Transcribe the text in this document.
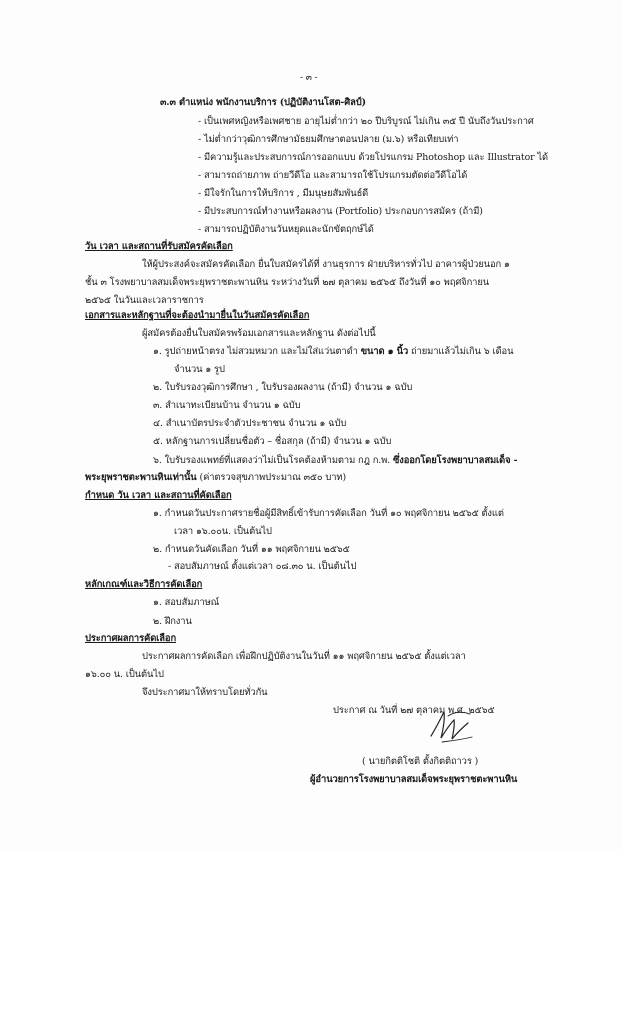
- ๓ -
๓.๓ ตำแหน่ง พนักงานบริการ (ปฏิบัติงานโสต-ศิลป์)
- เป็นเพศหญิงหรือเพศชาย อายุไม่ต่ำกว่า ๒๐ ปีบริบูรณ์ ไม่เกิน ๓๕ ปี นับถึงวันประกาศ
- ไม่ต่ำกว่าวุฒิการศึกษามัธยมศึกษาตอนปลาย (ม.๖) หรือเทียบเท่า
- มีความรู้และประสบการณ์การออกแบบ ด้วยโปรแกรม Photoshop และ Illustrator ได้
- สามารถถ่ายภาพ ถ่ายวีดีโอ และสามารถใช้โปรแกรมตัดต่อวีดีโอได้
- มีใจรักในการให้บริการ , มีมนุษยสัมพันธ์ดี
- มีประสบการณ์ทำงานหรือผลงาน (Portfolio) ประกอบการสมัคร (ถ้ามี)
- สามารถปฏิบัติงานวันหยุดและนักขัตฤกษ์ได้
วัน เวลา และสถานที่รับสมัครคัดเลือก
ให้ผู้ประสงค์จะสมัครคัดเลือก ยื่นใบสมัครได้ที่ งานธุรการ ฝ่ายบริหารทั่วไป อาคารผู้ป่วยนอก ๑
ชั้น ๓ โรงพยาบาลสมเด็จพระยุพราชตะพานหิน ระหว่างวันที่ ๒๗ ตุลาคม ๒๕๖๕ ถึงวันที่ ๑๐ พฤศจิกายน
๒๕๖๕ ในวันและเวลาราชการ
เอกสารและหลักฐานที่จะต้องนำมายื่นในวันสมัครคัดเลือก
ผู้สมัครต้องยื่นใบสมัครพร้อมเอกสารและหลักฐาน ดังต่อไปนี้
๑. รูปถ่ายหน้าตรง ไม่สวมหมวก และไม่ใส่แว่นตาดำ ขนาด ๑ นิ้ว ถ่ายมาแล้วไม่เกิน ๖ เดือน
จำนวน ๑ รูป
๒. ใบรับรองวุฒิการศึกษา , ใบรับรองผลงาน (ถ้ามี) จำนวน ๑ ฉบับ
๓. สำเนาทะเบียนบ้าน จำนวน ๑ ฉบับ
๔. สำเนาบัตรประจำตัวประชาชน จำนวน ๑ ฉบับ
๕. หลักฐานการเปลี่ยนชื่อตัว – ชื่อสกุล (ถ้ามี) จำนวน ๑ ฉบับ
๖. ใบรับรองแพทย์ที่แสดงว่าไม่เป็นโรคต้องห้ามตาม กฎ ก.พ. ซึ่งออกโดยโรงพยาบาลสมเด็จ -
พระยุพราชตะพานหินเท่านั้น (ค่าตรวจสุขภาพประมาณ ๓๕๐ บาท)
กำหนด วัน เวลา และสถานที่คัดเลือก
๑. กำหนดวันประกาศรายชื่อผู้มีสิทธิ์เข้ารับการคัดเลือก วันที่ ๑๐ พฤศจิกายน ๒๕๖๕ ตั้งแต่
เวลา ๑๖.๐๐น. เป็นต้นไป
๒. กำหนดวันคัดเลือก วันที่ ๑๑ พฤศจิกายน ๒๕๖๕
- สอบสัมภาษณ์ ตั้งแต่เวลา ๐๘.๓๐ น. เป็นต้นไป
หลักเกณฑ์และวิธีการคัดเลือก
๑. สอบสัมภาษณ์
๒. ฝึกงาน
ประกาศผลการคัดเลือก
ประกาศผลการคัดเลือก เพื่อฝึกปฏิบัติงานในวันที่ ๑๑ พฤศจิกายน ๒๕๖๕ ตั้งแต่เวลา
๑๖.๐๐ น. เป็นต้นไป
จึงประกาศมาให้ทราบโดยทั่วกัน
ประกาศ ณ วันที่ ๒๗ ตุลาคม พ.ศ. ๒๕๖๕
( นายกิตติโชติ ตั้งกิตติถาวร )
ผู้อำนวยการโรงพยาบาลสมเด็จพระยุพราชตะพานหิน
